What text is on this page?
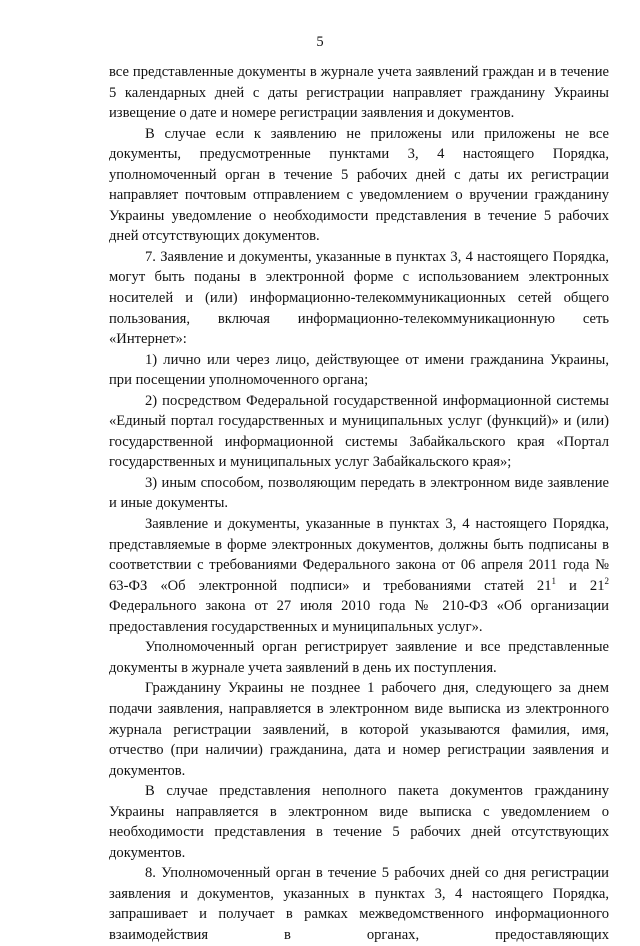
5

все представленные документы в журнале учета заявлений граждан и в течение 5 календарных дней с даты регистрации направляет гражданину Украины извещение о дате и номере регистрации заявления и документов.

В случае если к заявлению не приложены или приложены не все документы, предусмотренные пунктами 3, 4 настоящего Порядка, уполномоченный орган в течение 5 рабочих дней с даты их регистрации направляет почтовым отправлением с уведомлением о вручении гражданину Украины уведомление о необходимости представления в течение 5 рабочих дней отсутствующих документов.

7. Заявление и документы, указанные в пунктах 3, 4 настоящего Порядка, могут быть поданы в электронной форме с использованием электронных носителей и (или) информационно-телекоммуникационных сетей общего пользования, включая информационно-телекоммуникационную сеть «Интернет»:

1) лично или через лицо, действующее от имени гражданина Украины, при посещении уполномоченного органа;

2) посредством Федеральной государственной информационной системы «Единый портал государственных и муниципальных услуг (функций)» и (или) государственной информационной системы Забайкальского края «Портал государственных и муниципальных услуг Забайкальского края»;

3) иным способом, позволяющим передать в электронном виде заявление и иные документы.

Заявление и документы, указанные в пунктах 3, 4 настоящего Порядка, представляемые в форме электронных документов, должны быть подписаны в соответствии с требованиями Федерального закона от 06 апреля 2011 года № 63-ФЗ «Об электронной подписи» и требованиями статей $21^1$ и $21^2$ Федерального закона от 27 июля 2010 года № 210-ФЗ «Об организации предоставления государственных и муниципальных услуг».

Уполномоченный орган регистрирует заявление и все представленные документы в журнале учета заявлений в день их поступления.

Гражданину Украины не позднее 1 рабочего дня, следующего за днем подачи заявления, направляется в электронном виде выписка из электронного журнала регистрации заявлений, в которой указываются фамилия, имя, отчество (при наличии) гражданина, дата и номер регистрации заявления и документов.

В случае представления неполного пакета документов гражданину Украины направляется в электронном виде выписка с уведомлением о необходимости представления в течение 5 рабочих дней отсутствующих документов.

8. Уполномоченный орган в течение 5 рабочих дней со дня регистрации заявления и документов, указанных в пунктах 3, 4 настоящего Порядка, запрашивает и получает в рамках межведомственного информационного взаимодействия в органах, предоставляющих
